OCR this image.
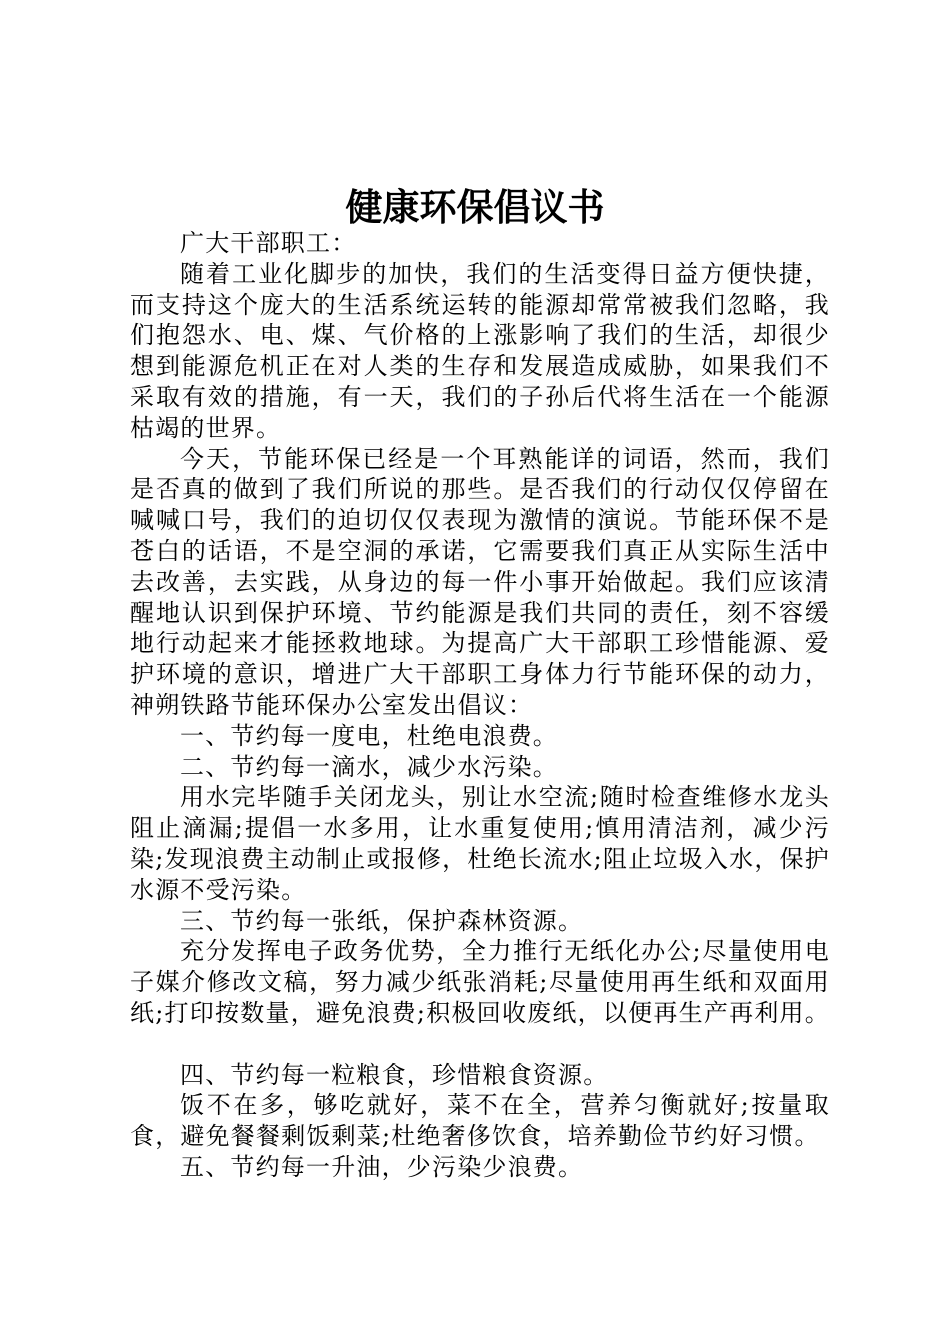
健康环保倡议书

广大干部职工：

随着工业化脚步的加快，我们的生活变得日益方便快捷，而支持这个庞大的生活系统运转的能源却常常被我们忽略，我们抱怨水、电、煤、气价格的上涨影响了我们的生活，却很少想到能源危机正在对人类的生存和发展造成威胁，如果我们不采取有效的措施，有一天，我们的子孙后代将生活在一个能源枯竭的世界。

今天，节能环保已经是一个耳熟能详的词语，然而，我们是否真的做到了我们所说的那些。是否我们的行动仅仅停留在喊喊口号，我们的迫切仅仅表现为激情的演说。节能环保不是苍白的话语，不是空洞的承诺，它需要我们真正从实际生活中去改善，去实践，从身边的每一件小事开始做起。我们应该清醒地认识到保护环境、节约能源是我们共同的责任，刻不容缓地行动起来才能拯救地球。为提高广大干部职工珍惜能源、爱护环境的意识，增进广大干部职工身体力行节能环保的动力，神朔铁路节能环保办公室发出倡议：

一、节约每一度电，杜绝电浪费。

二、节约每一滴水，减少水污染。

用水完毕随手关闭龙头，别让水空流;随时检查维修水龙头阻止滴漏;提倡一水多用，让水重复使用;慎用清洁剂，减少污染;发现浪费主动制止或报修，杜绝长流水;阻止垃圾入水，保护水源不受污染。

三、节约每一张纸，保护森林资源。

充分发挥电子政务优势，全力推行无纸化办公;尽量使用电子媒介修改文稿，努力减少纸张消耗;尽量使用再生纸和双面用纸;打印按数量，避免浪费;积极回收废纸，以便再生产再利用。

四、节约每一粒粮食，珍惜粮食资源。

饭不在多，够吃就好，菜不在全，营养匀衡就好;按量取食，避免餐餐剩饭剩菜;杜绝奢侈饮食，培养勤俭节约好习惯。

五、节约每一升油，少污染少浪费。
